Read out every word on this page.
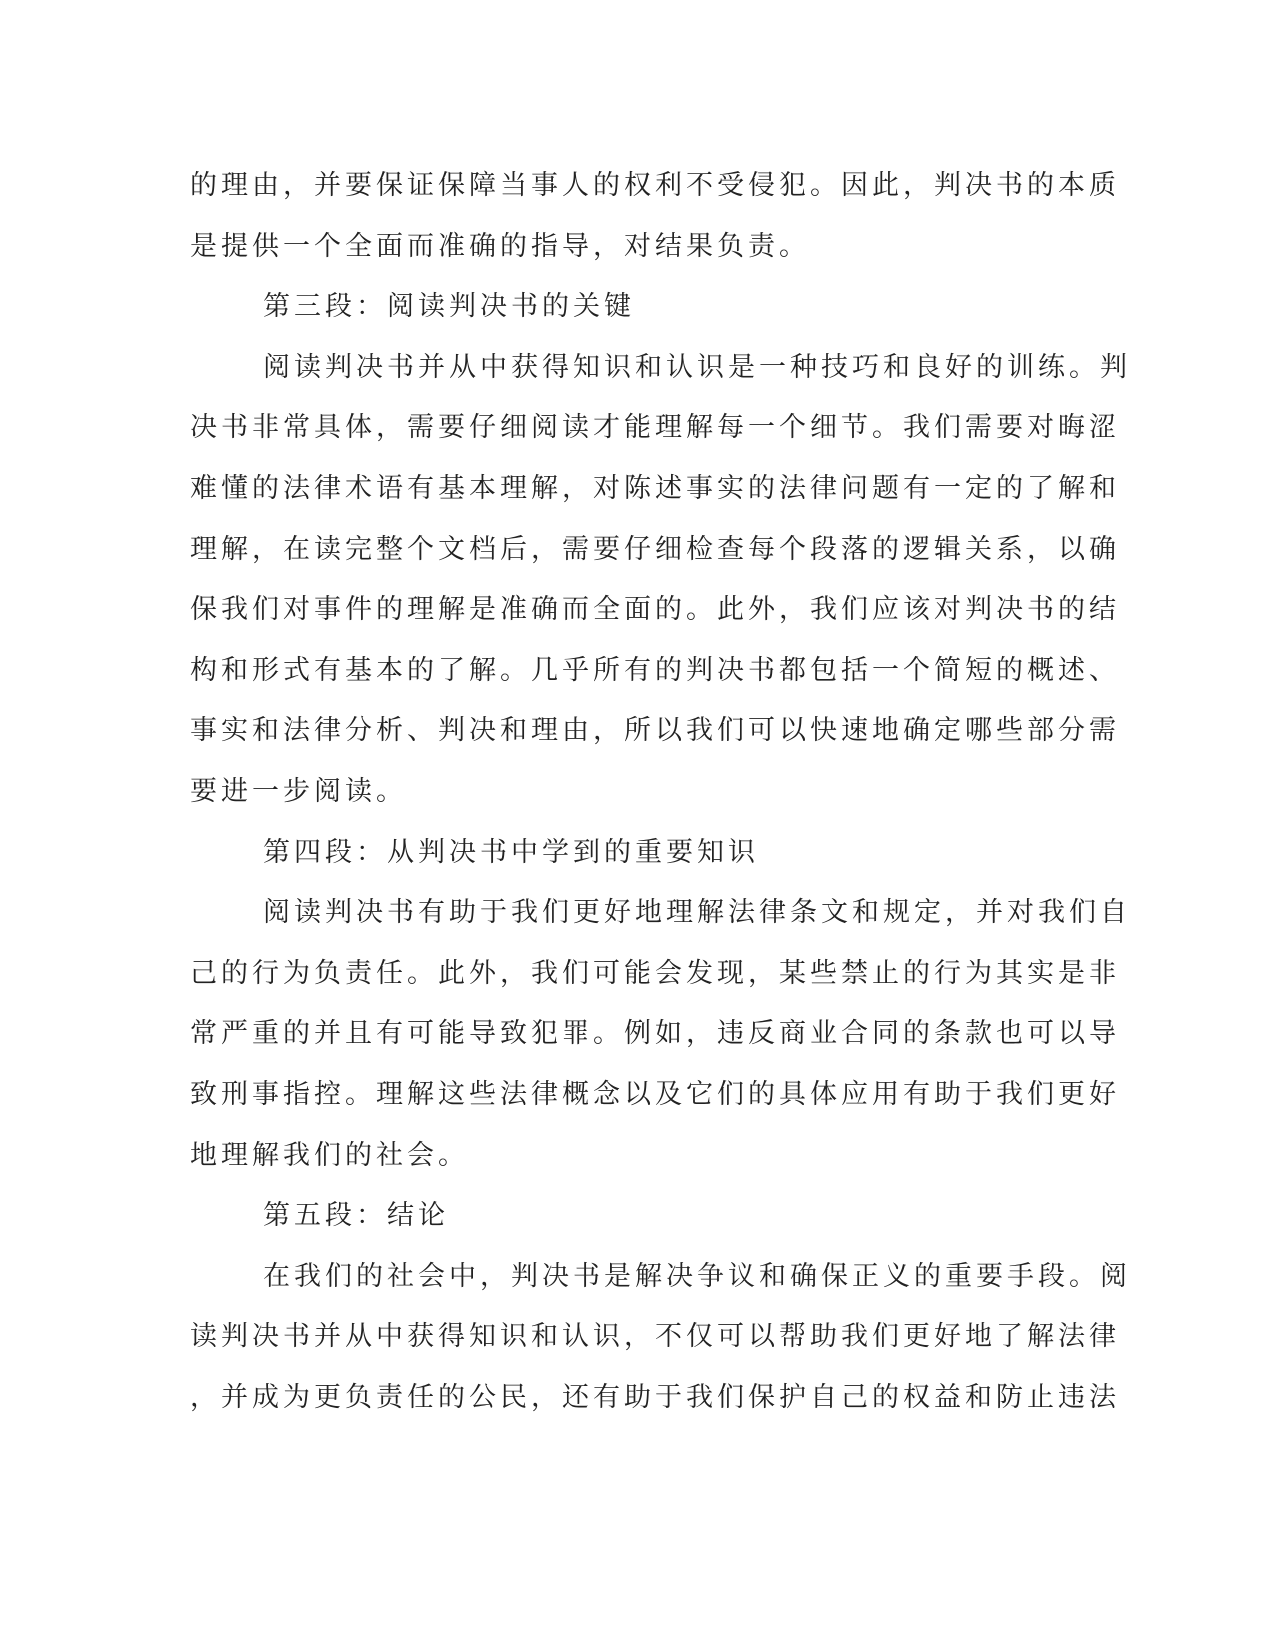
的理由，并要保证保障当事人的权利不受侵犯。因此，判决书的本质

是提供一个全面而准确的指导，对结果负责。

第三段：阅读判决书的关键

阅读判决书并从中获得知识和认识是一种技巧和良好的训练。判

决书非常具体，需要仔细阅读才能理解每一个细节。我们需要对晦涩

难懂的法律术语有基本理解，对陈述事实的法律问题有一定的了解和

理解，在读完整个文档后，需要仔细检查每个段落的逻辑关系，以确

保我们对事件的理解是准确而全面的。此外，我们应该对判决书的结

构和形式有基本的了解。几乎所有的判决书都包括一个简短的概述、

事实和法律分析、判决和理由，所以我们可以快速地确定哪些部分需

要进一步阅读。

第四段：从判决书中学到的重要知识

阅读判决书有助于我们更好地理解法律条文和规定，并对我们自

己的行为负责任。此外，我们可能会发现，某些禁止的行为其实是非

常严重的并且有可能导致犯罪。例如，违反商业合同的条款也可以导

致刑事指控。理解这些法律概念以及它们的具体应用有助于我们更好

地理解我们的社会。

第五段：结论

在我们的社会中，判决书是解决争议和确保正义的重要手段。阅

读判决书并从中获得知识和认识，不仅可以帮助我们更好地了解法律

，并成为更负责任的公民，还有助于我们保护自己的权益和防止违法
